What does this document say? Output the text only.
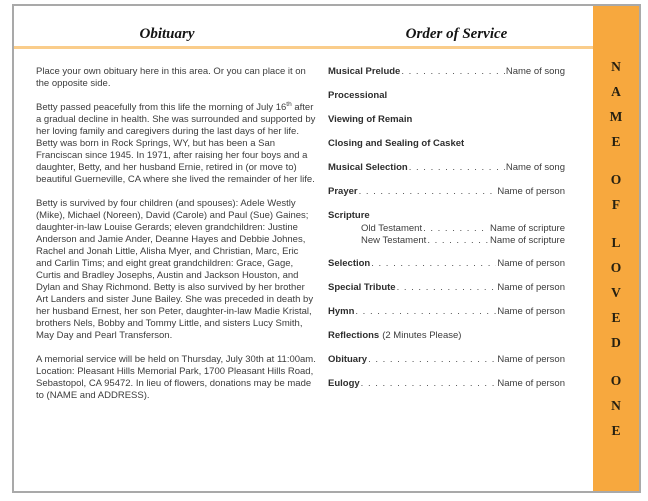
Obituary	Order of Service

Place your own obituary here in this area. Or you can place it on the opposite side.

Betty passed peacefully from this life the morning of July 16th after a gradual decline in health. She was surrounded and supported by her loving family and caregivers during the last days of her life. Betty was born in Rock Springs, WY, but has been a San Franciscan since 1945. In 1971, after raising her four boys and a daughter, Betty, and her husband Ernie, retired in (or move to) beautiful Guerneville, CA where she lived the remainder of her life.

Betty is survived by four children (and spouses): Adele Westly (Mike), Michael (Noreen), David (Carole) and Paul (Sue) Gaines; daughter-in-law Louise Gerards; eleven grandchildren: Justine Anderson and Jamie Ander, Deanne Hayes and Debbie Johnes, Rachel and Jonah Little, Alisha Myer, and Christian, Marc, Eric and Carlin Tims; and eight great grandchildren: Grace, Gage, Curtis and Bradley Josephs, Austin and Jackson Houston, and Dylan and Shay Richmond. Betty is also survived by her brother Art Landers and sister June Bailey. She was preceded in death by her husband Ernest, her son Peter, daughter-in-law Madie Kristal, brothers Nels, Bobby and Tommy Little, and sisters Lucy Smith, May Day and Pearl Transferson.

A memorial service will be held on Thursday, July 30th at 11:00am. Location: Pleasant Hills Memorial Park, 1700 Pleasant Hills Road, Sebastopol, CA 95472. In lieu of flowers, donations may be made to (NAME and ADDRESS).

Musical Prelude . . .	Name of song
Processional
Viewing of Remain
Closing and Sealing of Casket
Musical Selection . . .	Name of song
Prayer . . .	Name of person
Scripture
Old Testament . . .	Name of scripture
New Testament . . .	Name of scripture
Selection . . .	Name of person
Special Tribute . . .	Name of person
Hymn . . .	Name of person
Reflections (2 Minutes Please)
Obituary . . .	Name of person
Eulogy . . .	Name of person
N
A
M
E
O
F
L
O
V
E
D
O
N
E
